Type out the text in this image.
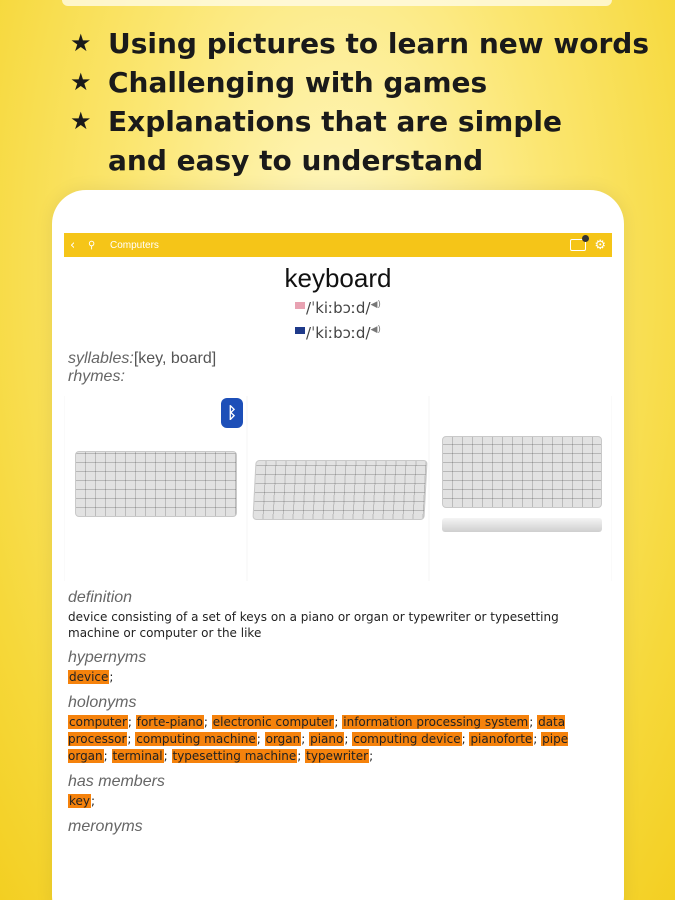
★ Using pictures to learn new words
★ Challenging with games
★ Explanations that are simple
and easy to understand
‹	⚲	Computers	⚙
keyboard
/ˈkiːbɔːd/◀)
/ˈkiːbɔːd/◀)
syllables:[key, board]
rhymes:
ᛒ
definition
device consisting of a set of keys on a piano or organ or typewriter or typesetting machine or computer or the like
hypernyms
device;
holonyms
computer; forte-piano; electronic computer; information processing system; data processor; computing machine; organ; piano; computing device; pianoforte; pipe organ; terminal; typesetting machine; typewriter;
has members
key;
meronyms
